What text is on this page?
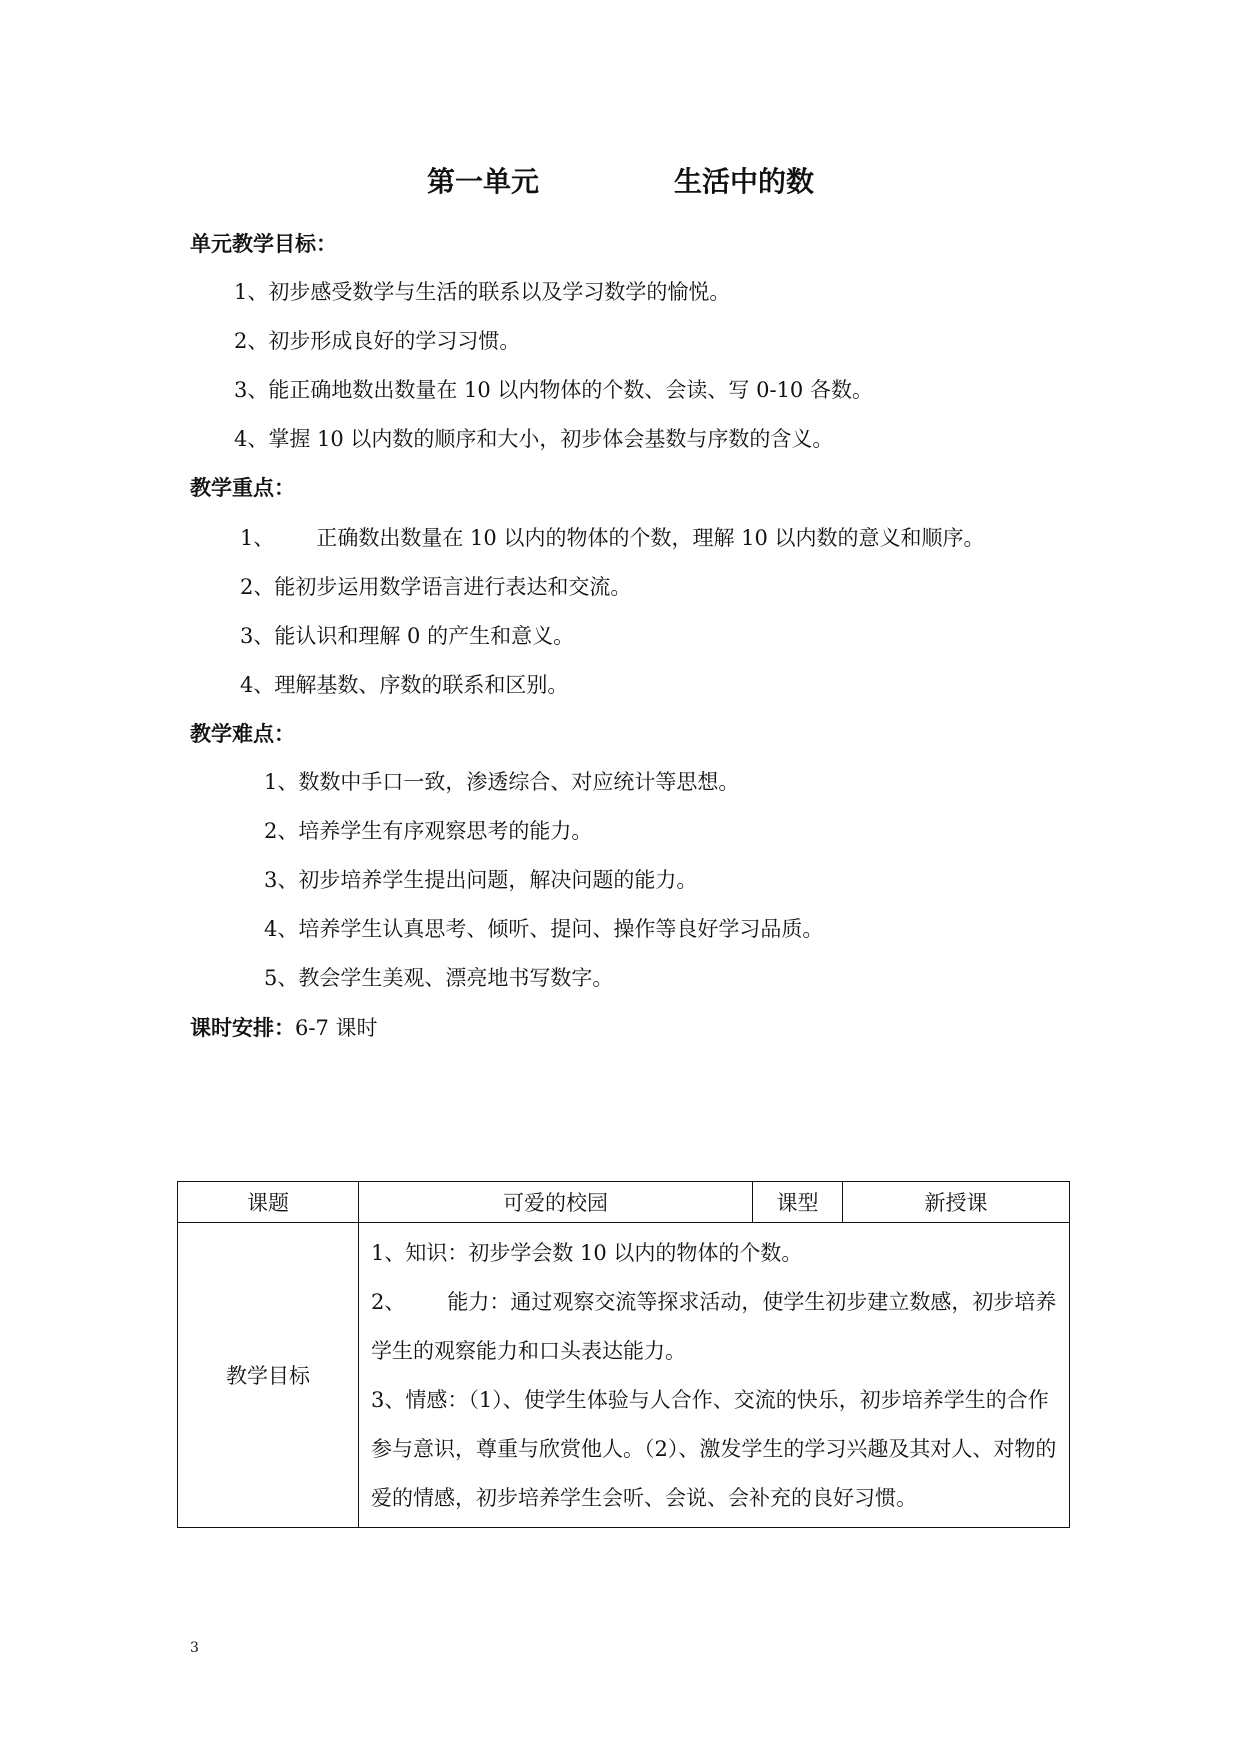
第一单元	生活中的数
单元教学目标：
1、初步感受数学与生活的联系以及学习数学的愉悦。
2、初步形成良好的学习习惯。
3、能正确地数出数量在 10 以内物体的个数、会读、写 0-10 各数。
4、掌握 10 以内数的顺序和大小，初步体会基数与序数的含义。
教学重点：
1、 正确数出数量在 10 以内的物体的个数，理解 10 以内数的意义和顺序。
2、能初步运用数学语言进行表达和交流。
3、能认识和理解 0 的产生和意义。
4、理解基数、序数的联系和区别。
教学难点：
1、数数中手口一致，渗透综合、对应统计等思想。
2、培养学生有序观察思考的能力。
3、初步培养学生提出问题，解决问题的能力。
4、培养学生认真思考、倾听、提问、操作等良好学习品质。
5、教会学生美观、漂亮地书写数字。
课时安排：6-7 课时
课题	可爱的校园	课型	新授课
教学目标	1、知识：初步学会数 10 以内的物体的个数。
2、 能力：通过观察交流等探求活动，使学生初步建立数感，初步培养学生的观察能力和口头表达能力。
3、情感：（1）、使学生体验与人合作、交流的快乐，初步培养学生的合作参与意识，尊重与欣赏他人。（2）、激发学生的学习兴趣及其对人、对物的爱的情感，初步培养学生会听、会说、会补充的良好习惯。		
3
